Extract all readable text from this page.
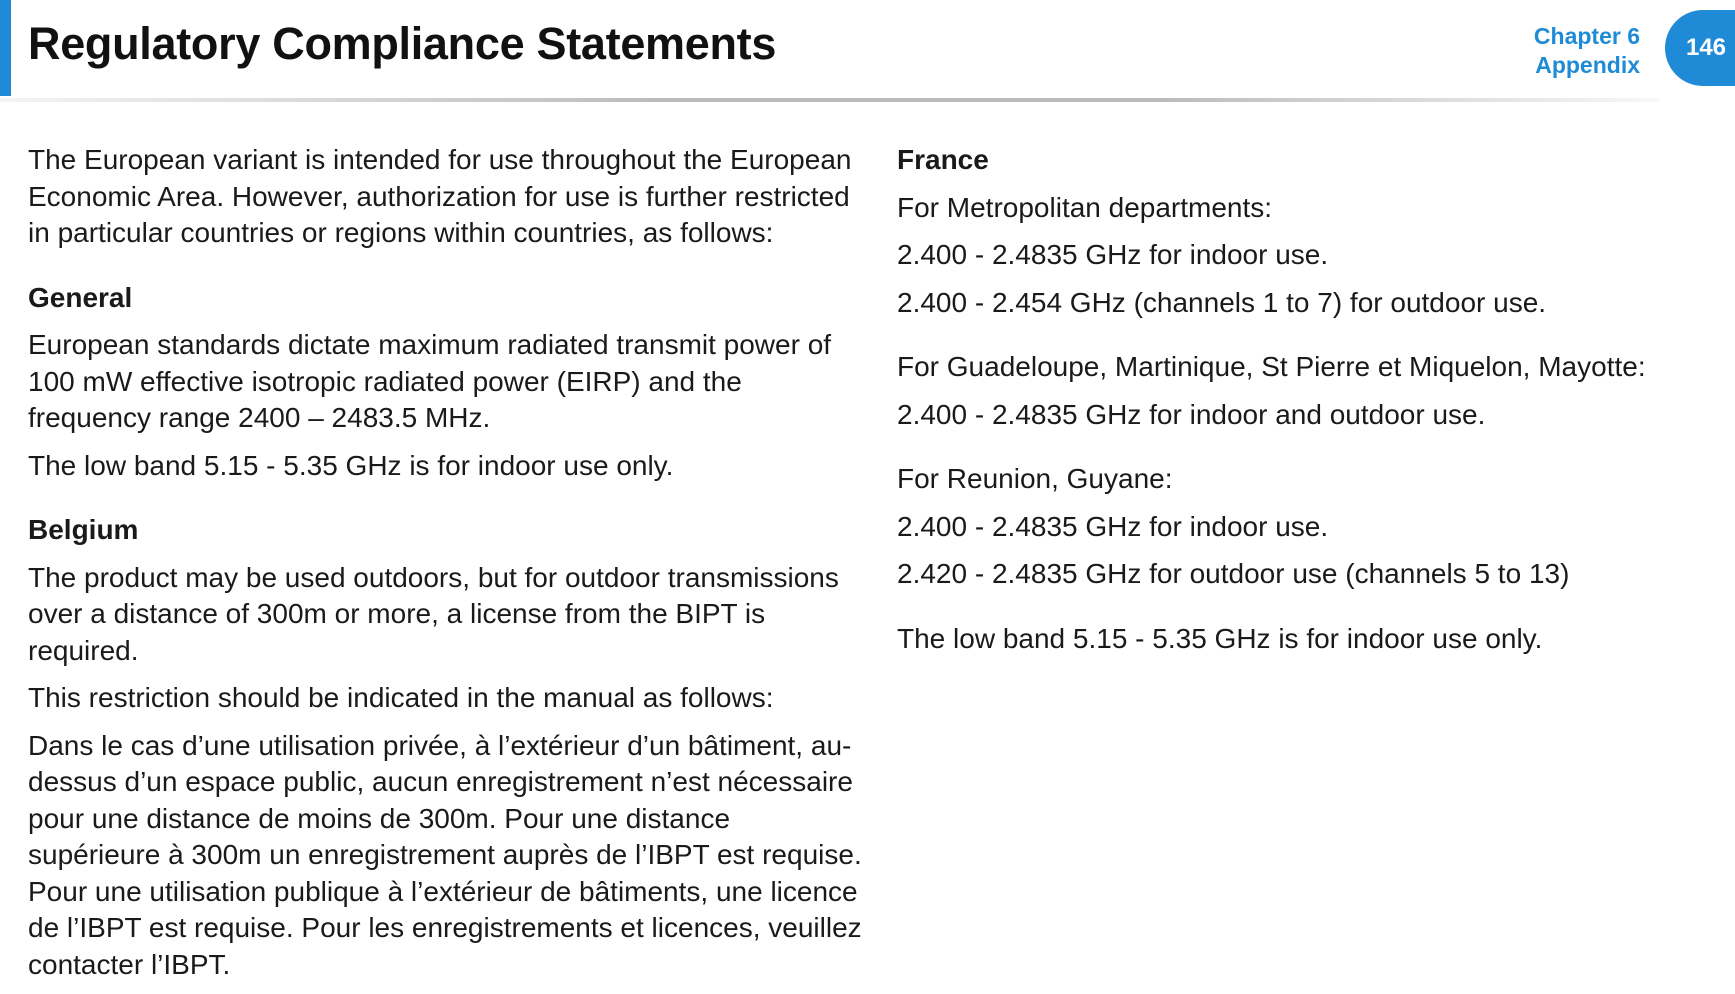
Regulatory Compliance Statements	Chapter 6
Appendix
146

The European variant is intended for use throughout the European Economic Area. However, authorization for use is further restricted in particular countries or regions within countries, as follows:

General

European standards dictate maximum radiated transmit power of 100 mW effective isotropic radiated power (EIRP) and the frequency range 2400 – 2483.5 MHz.

The low band 5.15 - 5.35 GHz is for indoor use only.

Belgium

The product may be used outdoors, but for outdoor transmissions over a distance of 300m or more, a license from the BIPT is required.

This restriction should be indicated in the manual as follows:

Dans le cas d’une utilisation privée, à l’extérieur d’un bâtiment, au-dessus d’un espace public, aucun enregistrement n’est nécessaire pour une distance de moins de 300m. Pour une distance supérieure à 300m un enregistrement auprès de l’IBPT est requise. Pour une utilisation publique à l’extérieur de bâtiments, une licence de l’IBPT est requise. Pour les enregistrements et licences, veuillez contacter l’IBPT.

France

For Metropolitan departments:

2.400 - 2.4835 GHz for indoor use.

2.400 - 2.454 GHz (channels 1 to 7) for outdoor use.

For Guadeloupe, Martinique, St Pierre et Miquelon, Mayotte:

2.400 - 2.4835 GHz for indoor and outdoor use.

For Reunion, Guyane:

2.400 - 2.4835 GHz for indoor use.

2.420 - 2.4835 GHz for outdoor use (channels 5 to 13)

The low band 5.15 - 5.35 GHz is for indoor use only.
